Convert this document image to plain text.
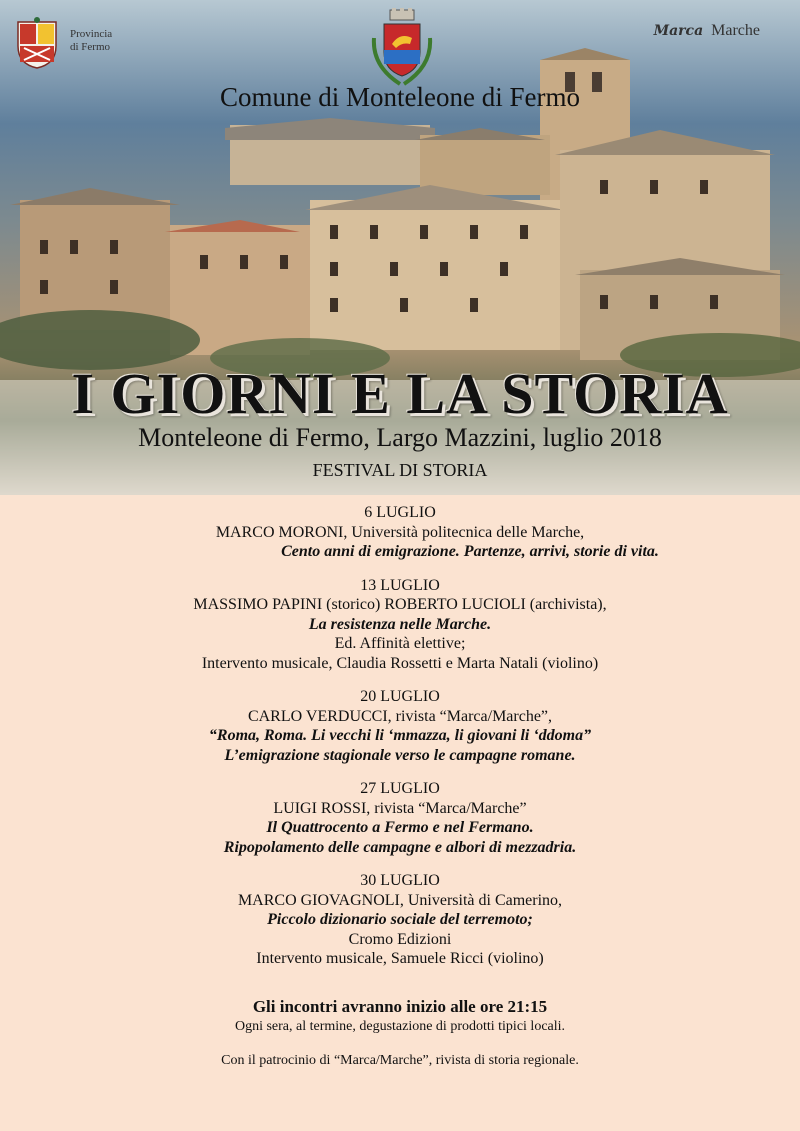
Provincia
di Fermo
Marca Marche
Comune di Monteleone di Fermo
I GIORNI E LA STORIA
Monteleone di Fermo, Largo Mazzini, luglio 2018
FESTIVAL DI STORIA
6 LUGLIO
MARCO MORONI, Università politecnica delle Marche,
Cento anni di emigrazione. Partenze, arrivi, storie di vita.
13 LUGLIO
MASSIMO PAPINI (storico) ROBERTO LUCIOLI (archivista),
La resistenza nelle Marche.
Ed. Affinità elettive;
Intervento musicale, Claudia Rossetti e Marta Natali (violino)
20 LUGLIO
CARLO VERDUCCI, rivista “Marca/Marche”,
“Roma, Roma. Li vecchi li ‘mmazza, li giovani li ‘ddoma”
L’emigrazione stagionale verso le campagne romane.
27 LUGLIO
LUIGI ROSSI, rivista “Marca/Marche”
Il Quattrocento a Fermo e nel Fermano.
Ripopolamento delle campagne e albori di mezzadria.
30 LUGLIO
MARCO GIOVAGNOLI, Università di Camerino,
Piccolo dizionario sociale del terremoto;
Cromo Edizioni
Intervento musicale, Samuele Ricci (violino)
Gli incontri avranno inizio alle ore 21:15
Ogni sera, al termine, degustazione di prodotti tipici locali.
Con il patrocinio di “Marca/Marche”, rivista di storia regionale.
